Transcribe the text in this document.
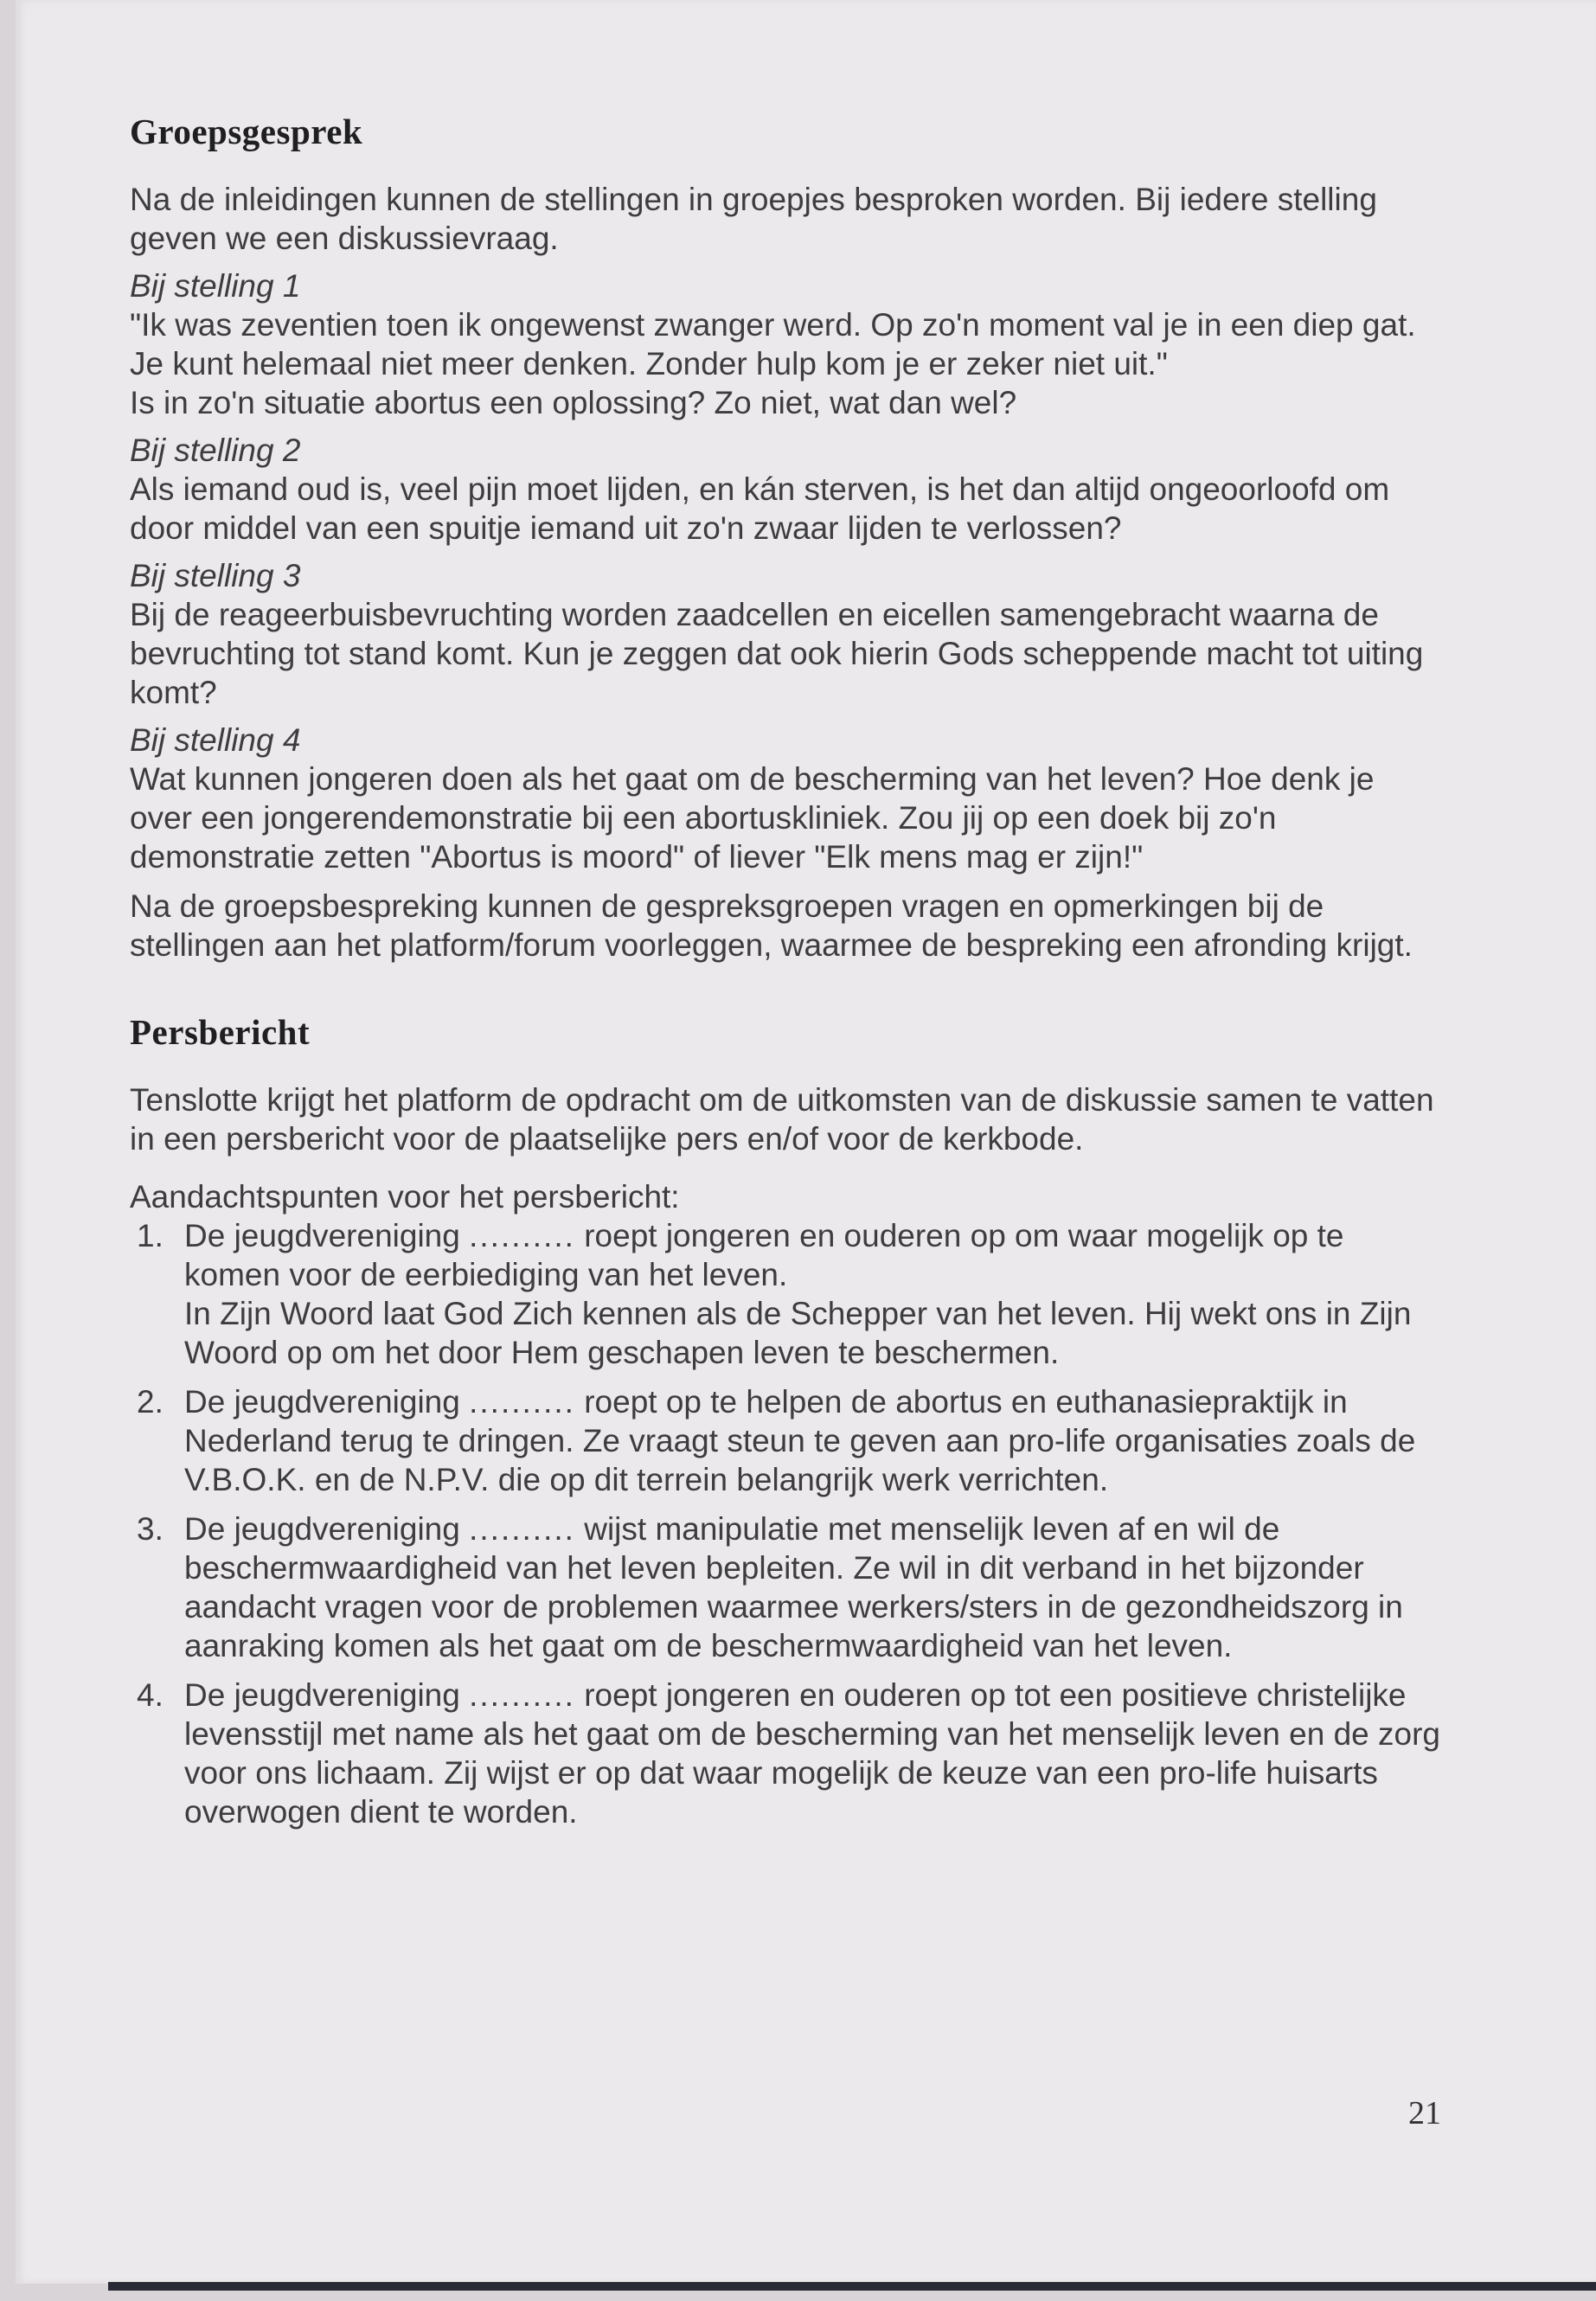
Groepsgesprek

Na de inleidingen kunnen de stellingen in groepjes besproken worden. Bij iedere stelling geven we een diskussievraag.

Bij stelling 1

"Ik was zeventien toen ik ongewenst zwanger werd. Op zo'n moment val je in een diep gat. Je kunt helemaal niet meer denken. Zonder hulp kom je er zeker niet uit."

Is in zo'n situatie abortus een oplossing? Zo niet, wat dan wel?

Bij stelling 2

Als iemand oud is, veel pijn moet lijden, en kán sterven, is het dan altijd ongeoorloofd om door middel van een spuitje iemand uit zo'n zwaar lijden te verlossen?

Bij stelling 3

Bij de reageerbuisbevruchting worden zaadcellen en eicellen samengebracht waarna de bevruchting tot stand komt. Kun je zeggen dat ook hierin Gods scheppende macht tot uiting komt?

Bij stelling 4

Wat kunnen jongeren doen als het gaat om de bescherming van het leven? Hoe denk je over een jongerendemonstratie bij een abortuskliniek. Zou jij op een doek bij zo'n demonstratie zetten "Abortus is moord" of liever "Elk mens mag er zijn!"

Na de groepsbespreking kunnen de gespreksgroepen vragen en opmerkingen bij de stellingen aan het platform/forum voorleggen, waarmee de bespreking een afronding krijgt.

Persbericht

Tenslotte krijgt het platform de opdracht om de uitkomsten van de diskussie samen te vatten in een persbericht voor de plaatselijke pers en/of voor de kerkbode.

Aandachtspunten voor het persbericht:

1. De jeugdvereniging .......... roept jongeren en ouderen op om waar mogelijk op te komen voor de eerbiediging van het leven.
In Zijn Woord laat God Zich kennen als de Schepper van het leven. Hij wekt ons in Zijn Woord op om het door Hem geschapen leven te beschermen.
2. De jeugdvereniging .......... roept op te helpen de abortus en euthanasiepraktijk in Nederland terug te dringen. Ze vraagt steun te geven aan pro-life organisaties zoals de V.B.O.K. en de N.P.V. die op dit terrein belangrijk werk verrichten.
3. De jeugdvereniging .......... wijst manipulatie met menselijk leven af en wil de beschermwaardigheid van het leven bepleiten. Ze wil in dit verband in het bijzonder aandacht vragen voor de problemen waarmee werkers/sters in de gezondheidszorg in aanraking komen als het gaat om de beschermwaardigheid van het leven.
4. De jeugdvereniging .......... roept jongeren en ouderen op tot een positieve christelijke levensstijl met name als het gaat om de bescherming van het menselijk leven en de zorg voor ons lichaam. Zij wijst er op dat waar mogelijk de keuze van een pro-life huisarts overwogen dient te worden.
21
